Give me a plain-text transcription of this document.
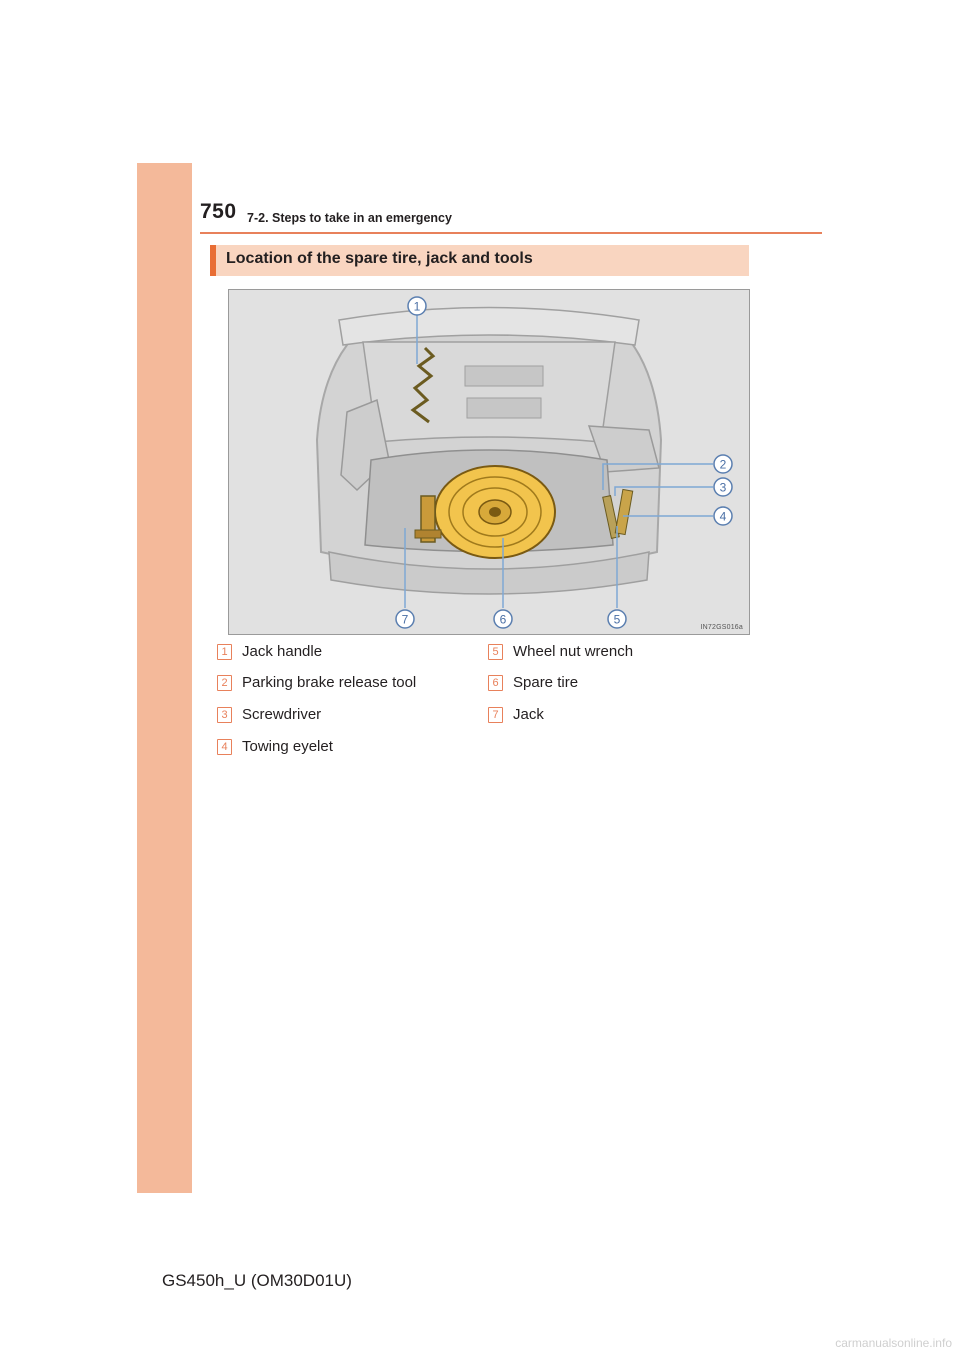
750 7-2. Steps to take in an emergency
Location of the spare tire, jack and tools
1
2
3
4
5
6
7
IN72GS016a
1 Jack handle
2 Parking brake release tool
3 Screwdriver
4 Towing eyelet
5 Wheel nut wrench
6 Spare tire
7 Jack
GS450h_U (OM30D01U)
carmanualsonline.info
